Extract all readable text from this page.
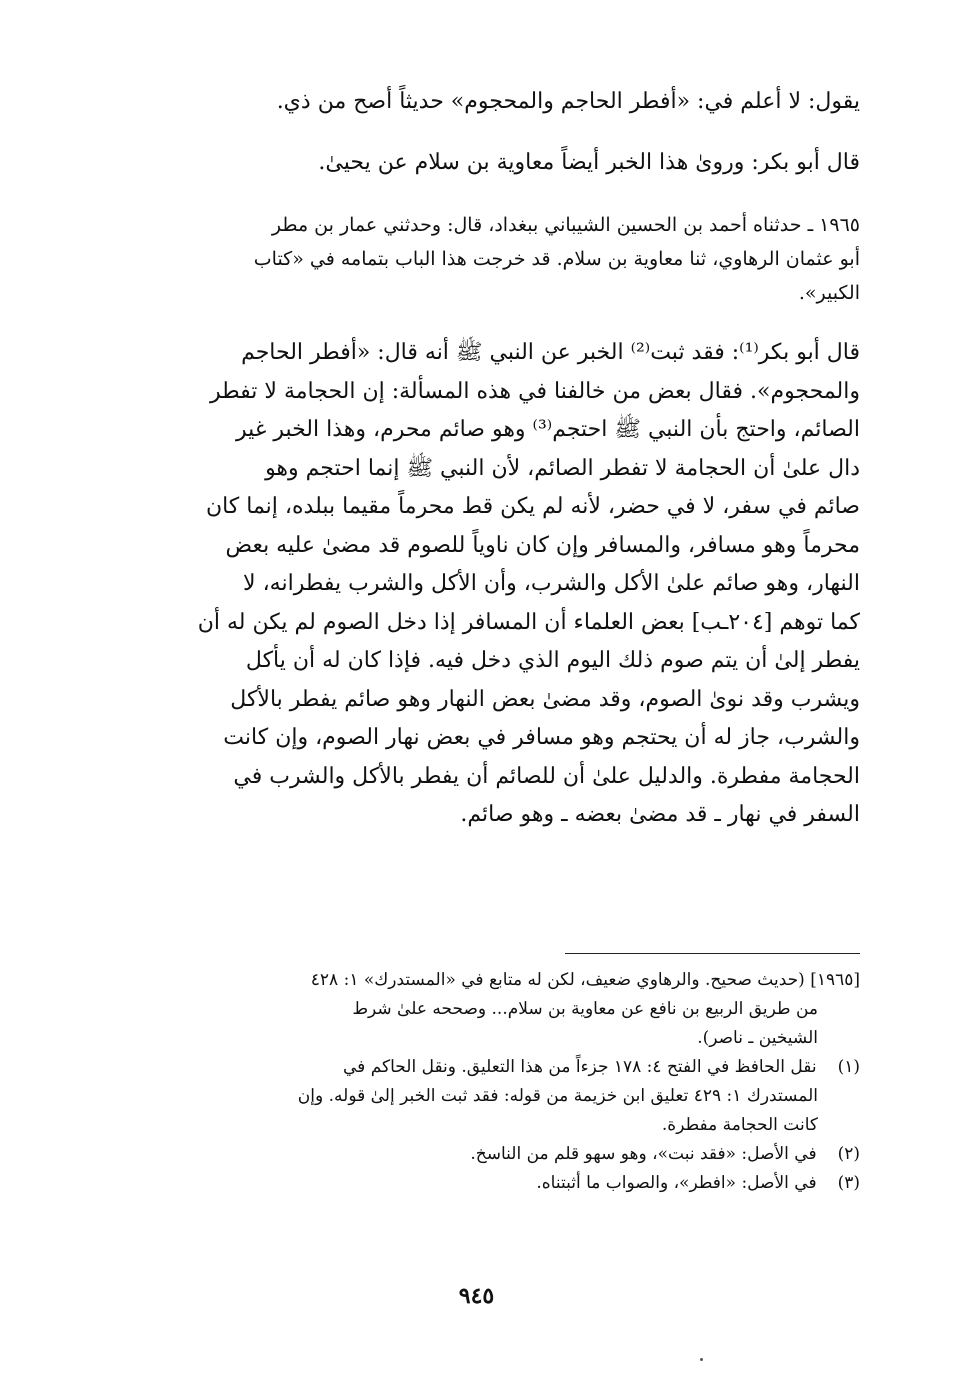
يقول: لا أعلم في: «أفطر الحاجم والمحجوم» حديثاً أصح من ذي.

قال أبو بكر: ورویٰ هذا الخبر أيضاً معاوية بن سلام عن يحيىٰ.

١٩٦٥ ـ حدثناه أحمد بن الحسين الشيباني ببغداد، قال: وحدثني عمار بن مطر
أبو عثمان الرهاوي، ثنا معاوية بن سلام. قد خرجت هذا الباب بتمامه في «كتاب
الكبير».

قال أبو بكر⁽¹⁾: فقد ثبت⁽²⁾ الخبر عن النبي ﷺ أنه قال: «أفطر الحاجم
والمحجوم». فقال بعض من خالفنا في هذه المسألة: إن الحجامة لا تفطر
الصائم، واحتج بأن النبي ﷺ احتجم⁽³⁾ وهو صائم محرم، وهذا الخبر غير
دال علىٰ أن الحجامة لا تفطر الصائم، لأن النبي ﷺ إنما احتجم وهو
صائم في سفر، لا في حضر، لأنه لم يكن قط محرماً مقيما ببلده، إنما كان
محرماً وهو مسافر، والمسافر وإن كان ناوياً للصوم قد مضىٰ عليه بعض
النهار، وهو صائم علىٰ الأكل والشرب، وأن الأكل والشرب يفطرانه، لا
كما توهم [٢٠٤ـب] بعض العلماء أن المسافر إذا دخل الصوم لم يكن له أن
يفطر إلىٰ أن يتم صوم ذلك اليوم الذي دخل فيه. فإذا كان له أن يأكل
ويشرب وقد نوىٰ الصوم، وقد مضىٰ بعض النهار وهو صائم يفطر بالأكل
والشرب، جاز له أن يحتجم وهو مسافر في بعض نهار الصوم، وإن كانت
الحجامة مفطرة. والدليل علىٰ أن للصائم أن يفطر بالأكل والشرب في
السفر في نهار ـ قد مضىٰ بعضه ـ وهو صائم.

[١٩٦٥] (حديث صحيح. والرهاوي ضعيف، لكن له متابع في «المستدرك» ١: ٤٢٨
من طريق الربيع بن نافع عن معاوية بن سلام... وصححه علىٰ شرط
الشيخين ـ ناصر).
(١) نقل الحافظ في الفتح ٤: ١٧٨ جزءاً من هذا التعليق. ونقل الحاكم في
المستدرك ١: ٤٢٩ تعليق ابن خزيمة من قوله: فقد ثبت الخبر إلىٰ قوله. وإن
كانت الحجامة مفطرة.
(٢) في الأصل: «فقد نبت»، وهو سهو قلم من الناسخ.
(٣) في الأصل: «افطر»، والصواب ما أثبتناه.
٩٤٥
